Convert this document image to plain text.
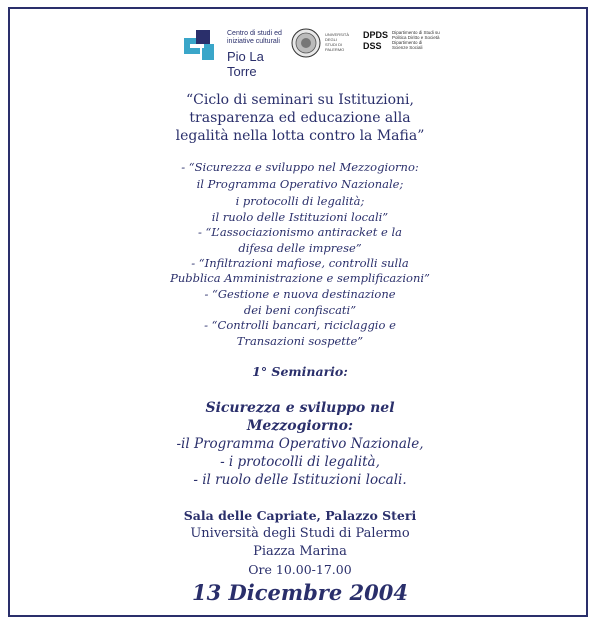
Centro di studi ed
iniziative culturali
Pio La Torre
UNIVERSITÀ
DEGLI
STUDI DI PALERMO
DPDS
DSS
Dipartimento di Studi su
Politica Diritto e Società
Dipartimento di
Scienze Sociali
“Ciclo di seminari su Istituzioni,
trasparenza ed educazione alla
legalità nella lotta contro la Mafia”
- “Sicurezza e sviluppo nel Mezzogiorno:
il Programma Operativo Nazionale;
i protocolli di legalità;
il ruolo delle Istituzioni locali”
- “L’associazionismo antiracket e la
difesa delle imprese”
- “Infiltrazioni mafiose, controlli sulla
Pubblica Amministrazione e semplificazioni”
- “Gestione e nuova destinazione
dei beni confiscati”
- “Controlli bancari, riciclaggio e
Transazioni sospette”
1° Seminario:
Sicurezza e sviluppo nel
Mezzogiorno:
-il Programma Operativo Nazionale,
- i protocolli di legalità,
- il ruolo delle Istituzioni locali.
Sala delle Capriate, Palazzo Steri
Università degli Studi di Palermo
Piazza Marina
Ore 10.00-17.00
13 Dicembre 2004
